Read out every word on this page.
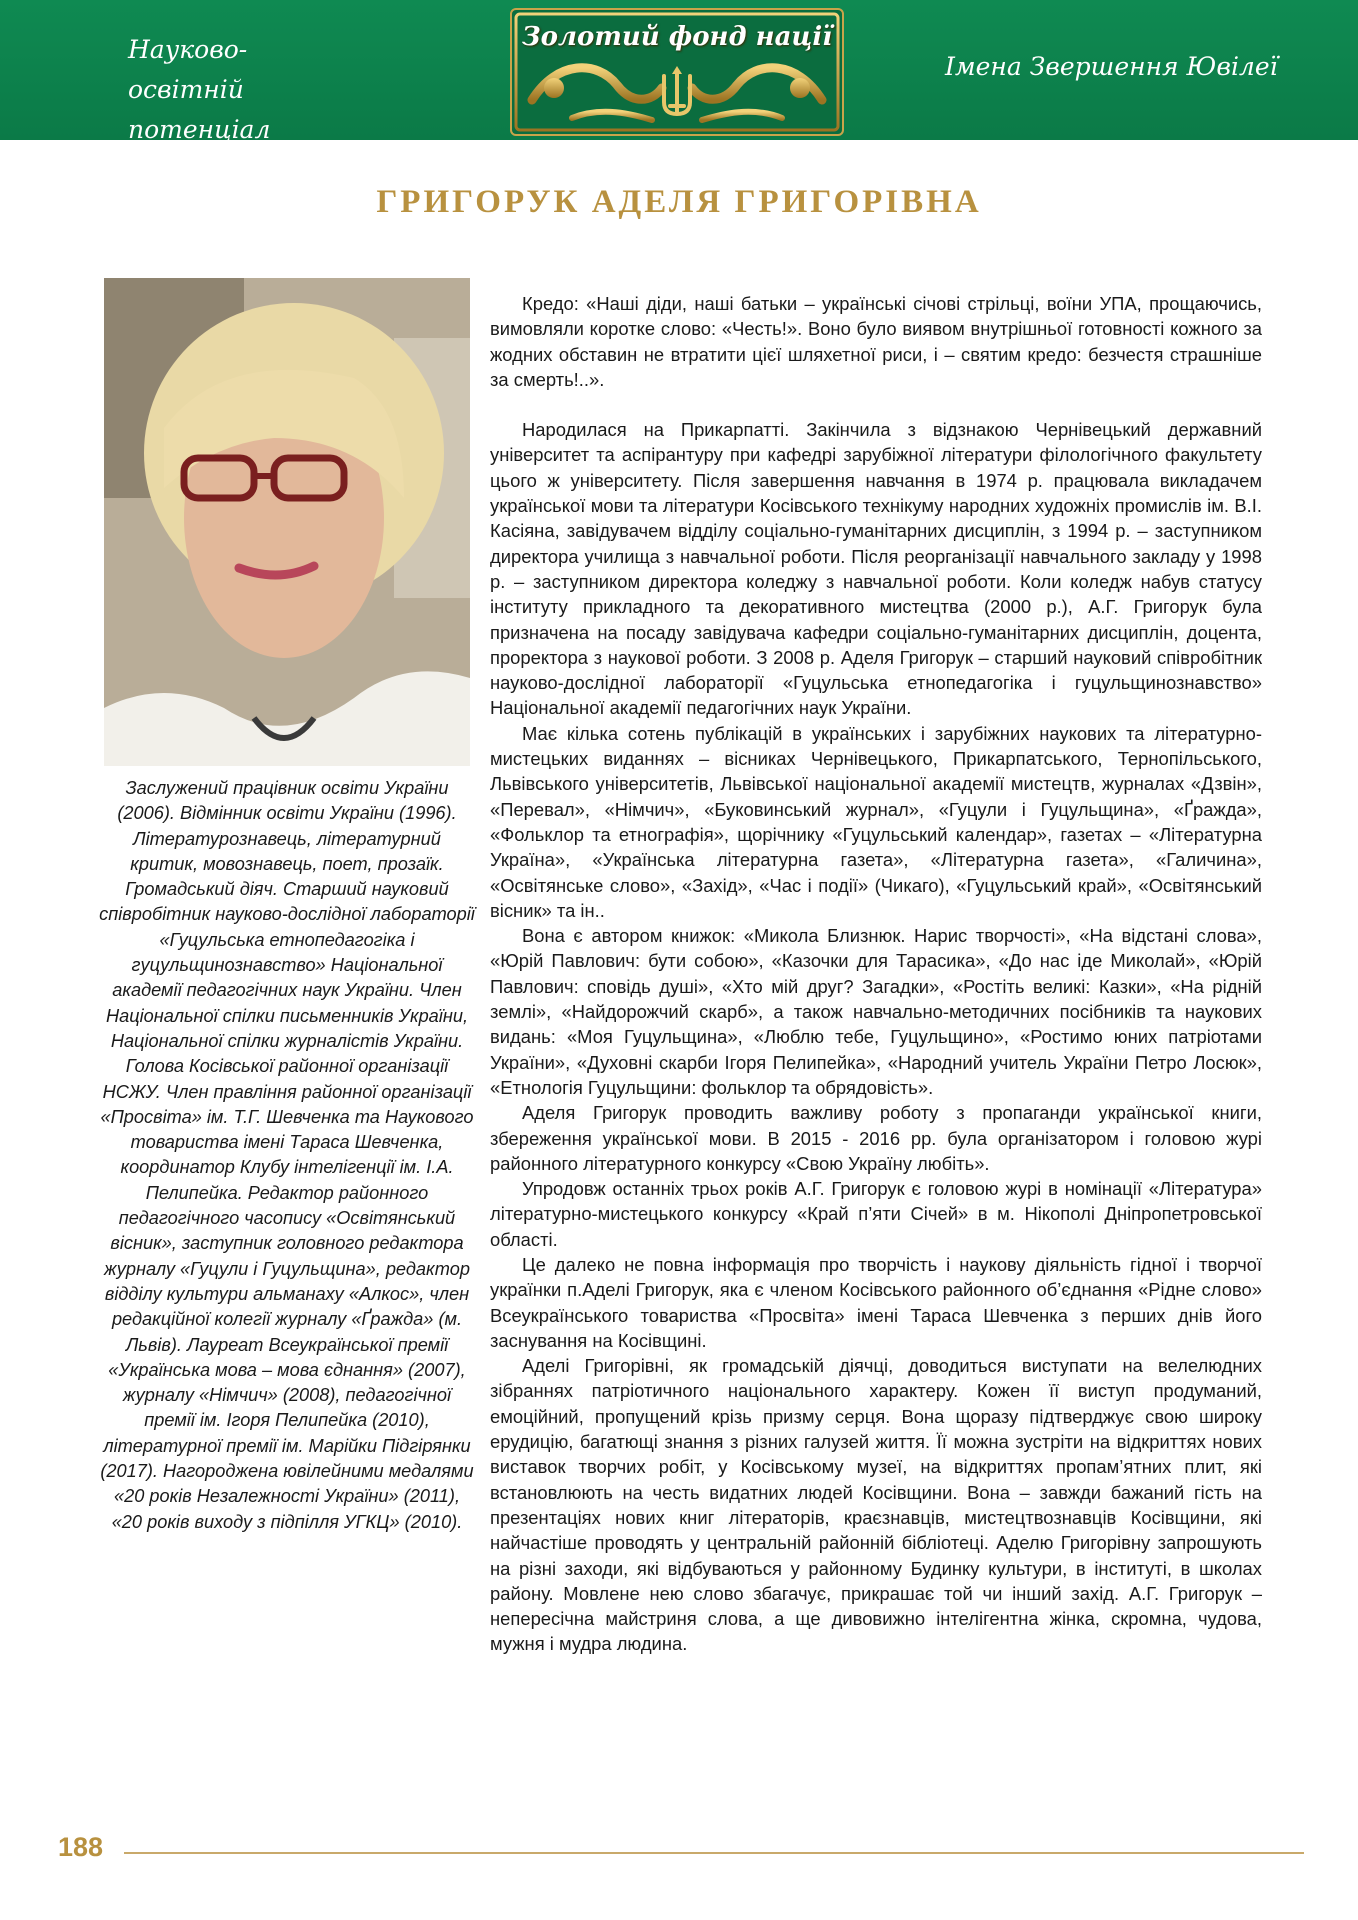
Науково-освітній
потенціал України
Золотий фонд нації
Імена Звершення Ювілеї
ГРИГОРУК АДЕЛЯ ГРИГОРІВНА
Заслужений працівник освіти України (2006). Відмінник освіти України (1996). Літературознавець, літературний критик, мовознавець, поет, прозаїк. Громадський діяч. Старший науковий співробітник науково-дослідної лабораторії «Гуцульська етнопедагогіка і гуцульщинознавство» Національної академії педагогічних наук України. Член Національної спілки письменників України, Національної спілки журналістів України. Голова Косівської районної організації НСЖУ. Член правління районної організації «Просвіта» ім. Т.Г. Шевченка та Наукового товариства імені Тараса Шевченка, координатор Клубу інтелігенції ім. І.А. Пелипейка. Редактор районного педагогічного часопису «Освітянський вісник», заступник головного редактора журналу «Гуцули і Гуцульщина», редактор відділу культури альманаху «Алкос», член редакційної колегії журналу «Ґражда» (м. Львів). Лауреат Всеукраїнської премії «Українська мова – мова єднання» (2007), журналу «Німчич» (2008), педагогічної премії ім. Ігоря Пелипейка (2010), літературної премії ім. Марійки Підгірянки (2017). Нагороджена ювілейними медалями «20 років Незалежності України» (2011), «20 років виходу з підпілля УГКЦ» (2010).

Кредо: «Наші діди, наші батьки – українські січові стрільці, воїни УПА, прощаючись, вимовляли коротке слово: «Честь!». Воно було виявом внутрішньої готовності кожного за жодних обставин не втратити цієї шляхетної риси, і – святим кредо: безчестя страшніше за смерть!..».

Народилася на Прикарпатті. Закінчила з відзнакою Чернівецький державний університет та аспірантуру при кафедрі зарубіжної літератури філологічного факультету цього ж університету. Після завершення навчання в 1974 р. працювала викладачем української мови та літератури Косівського технікуму народних художніх промислів ім. В.І. Касіяна, завідувачем відділу соціально-гуманітарних дисциплін, з 1994 р. – заступником директора училища з навчальної роботи. Після реорганізації навчального закладу у 1998 р. – заступником директора коледжу з навчальної роботи. Коли коледж набув статусу інституту прикладного та декоративного мистецтва (2000 р.), А.Г. Григорук була призначена на посаду завідувача кафедри соціально-гуманітарних дисциплін, доцента, проректора з наукової роботи. З 2008 р. Аделя Григорук – старший науковий співробітник науково-дослідної лабораторії «Гуцульська етнопедагогіка і гуцульщинознавство» Національної академії педагогічних наук України.

Має кілька сотень публікацій в українських і зарубіжних наукових та літературно-мистецьких виданнях – вісниках Чернівецького, Прикарпатського, Тернопільського, Львівського університетів, Львівської національної академії мистецтв, журналах «Дзвін», «Перевал», «Німчич», «Буковинський журнал», «Гуцули і Гуцульщина», «Ґражда», «Фольклор та етнографія», щорічнику «Гуцульський календар», газетах – «Літературна Україна», «Українська літературна газета», «Літературна газета», «Галичина», «Освітянське слово», «Захід», «Час і події» (Чикаго), «Гуцульський край», «Освітянський вісник» та ін..

Вона є автором книжок: «Микола Близнюк. Нарис творчості», «На відстані слова», «Юрій Павлович: бути собою», «Казочки для Тарасика», «До нас іде Миколай», «Юрій Павлович: сповідь душі», «Хто мій друг? Загадки», «Ростіть великі: Казки», «На рідній землі», «Найдорожчий скарб», а також навчально-методичних посібників та наукових видань: «Моя Гуцульщина», «Люблю тебе, Гуцульщино», «Ростимо юних патріотами України», «Духовні скарби Ігоря Пелипейка», «Народний учитель України Петро Лосюк», «Етнологія Гуцульщини: фольклор та обрядовість».

Аделя Григорук проводить важливу роботу з пропаганди української книги, збереження української мови. В 2015 - 2016 рр. була організатором і головою журі районного літературного конкурсу «Свою Україну любіть».

Упродовж останніх трьох років А.Г. Григорук є головою журі в номінації «Література» літературно-мистецького конкурсу «Край п’яти Січей» в м. Нікополі Дніпропетровської області.

Це далеко не повна інформація про творчість і наукову діяльність гідної і творчої українки п.Аделі Григорук, яка є членом Косівського районного об’єднання «Рідне слово» Всеукраїнського товариства «Просвіта» імені Тараса Шевченка з перших днів його заснування на Косівщині.

Аделі Григорівні, як громадській діячці, доводиться виступати на велелюдних зібраннях патріотичного національного характеру. Кожен її виступ продуманий, емоційний, пропущений крізь призму серця. Вона щоразу підтверджує свою широку ерудицію, багатющі знання з різних галузей життя. Її можна зустріти на відкриттях нових виставок творчих робіт, у Косівському музеї, на відкриттях пропам’ятних плит, які встановлюють на честь видатних людей Косівщини. Вона – завжди бажаний гість на презентаціях нових книг літераторів, краєзнавців, мистецтвознавців Косівщини, які найчастіше проводять у центральній районній бібліотеці. Аделю Григорівну запрошують на різні заходи, які відбуваються у районному Будинку культури, в інституті, в школах району. Мовлене нею слово збагачує, прикрашає той чи інший захід. А.Г. Григорук – непересічна майстриня слова, а ще дивовижно інтелігентна жінка, скромна, чудова, мужня і мудра людина.

188
